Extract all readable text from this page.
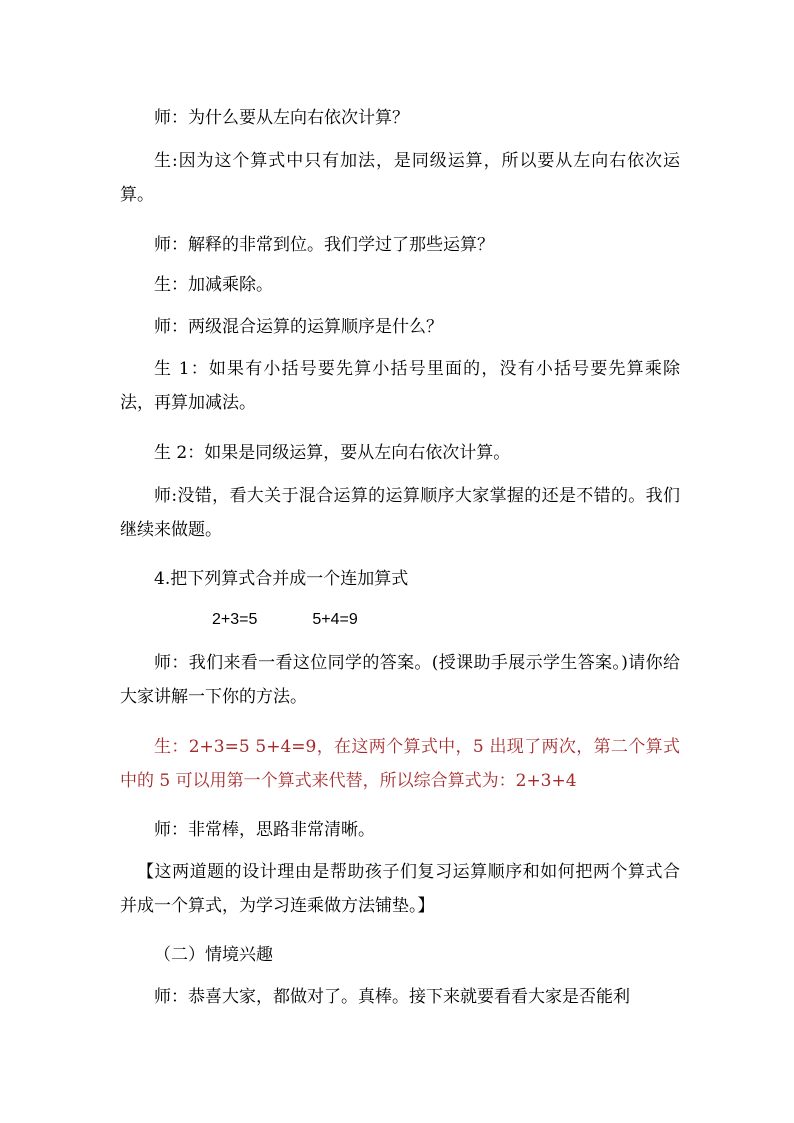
师：为什么要从左向右依次计算？

生:因为这个算式中只有加法，是同级运算，所以要从左向右依次运算。

师：解释的非常到位。我们学过了那些运算？

生：加减乘除。

师：两级混合运算的运算顺序是什么？

生 1：如果有小括号要先算小括号里面的，没有小括号要先算乘除法，再算加减法。

生 2：如果是同级运算，要从左向右依次计算。

师:没错，看大关于混合运算的运算顺序大家掌握的还是不错的。我们继续来做题。

4.把下列算式合并成一个连加算式

2+3=5	5+4=9

师：我们来看一看这位同学的答案。(授课助手展示学生答案。)请你给大家讲解一下你的方法。

生：2+3=5 5+4=9，在这两个算式中，5 出现了两次，第二个算式中的 5 可以用第一个算式来代替，所以综合算式为：2+3+4

师：非常棒，思路非常清晰。

【这两道题的设计理由是帮助孩子们复习运算顺序和如何把两个算式合并成一个算式，为学习连乘做方法铺垫。】

（二）情境兴趣

师：恭喜大家，都做对了。真棒。接下来就要看看大家是否能利
